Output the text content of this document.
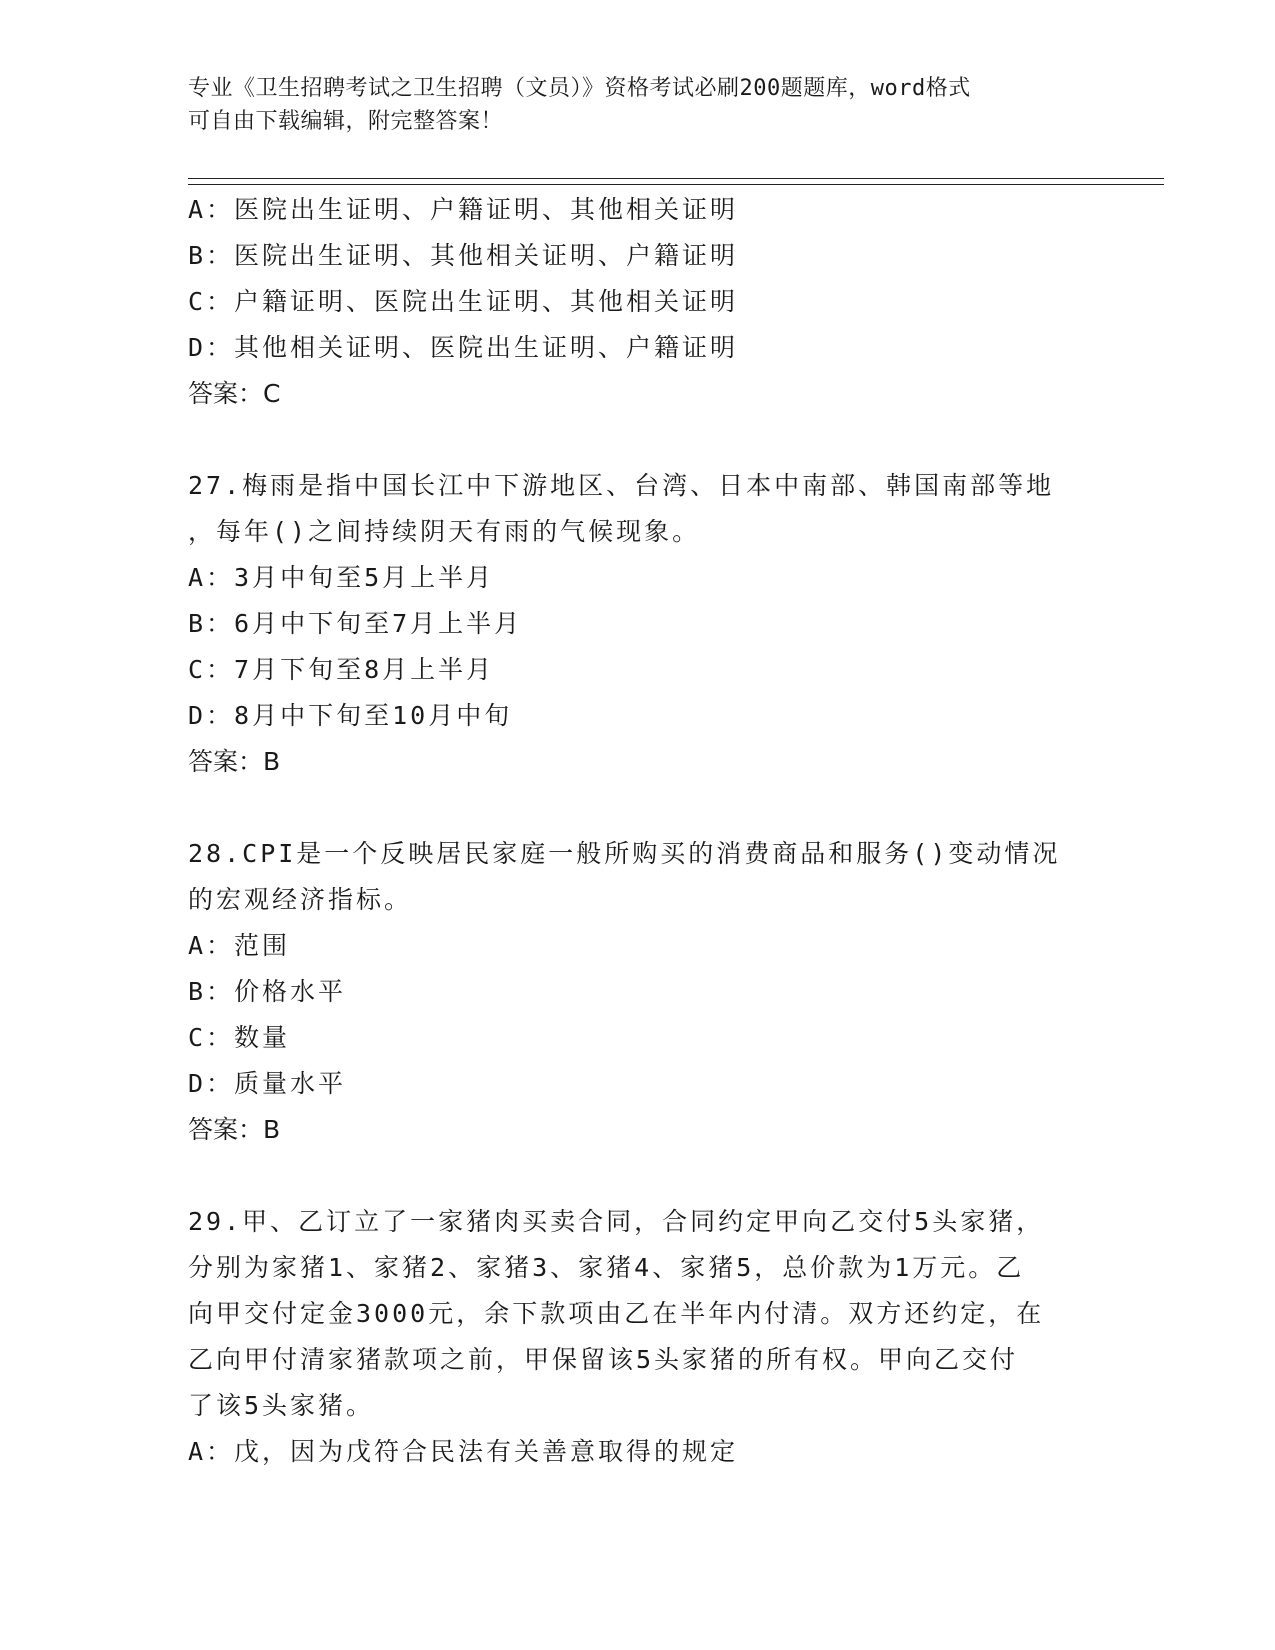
专业《卫生招聘考试之卫生招聘（文员）》资格考试必刷200题题库，word格式
可自由下载编辑，附完整答案！
A：医院出生证明、户籍证明、其他相关证明
B：医院出生证明、其他相关证明、户籍证明
C：户籍证明、医院出生证明、其他相关证明
D：其他相关证明、医院出生证明、户籍证明
答案：C
27.梅雨是指中国长江中下游地区、台湾、日本中南部、韩国南部等地
，每年()之间持续阴天有雨的气候现象。
A：3月中旬至5月上半月
B：6月中下旬至7月上半月
C：7月下旬至8月上半月
D：8月中下旬至10月中旬
答案：B
28.CPI是一个反映居民家庭一般所购买的消费商品和服务()变动情况
的宏观经济指标。
A：范围
B：价格水平
C：数量
D：质量水平
答案：B
29.甲、乙订立了一家猪肉买卖合同，合同约定甲向乙交付5头家猪，
分别为家猪1、家猪2、家猪3、家猪4、家猪5，总价款为1万元。乙
向甲交付定金3000元，余下款项由乙在半年内付清。双方还约定，在
乙向甲付清家猪款项之前，甲保留该5头家猪的所有权。甲向乙交付
了该5头家猪。
A：戊，因为戊符合民法有关善意取得的规定
